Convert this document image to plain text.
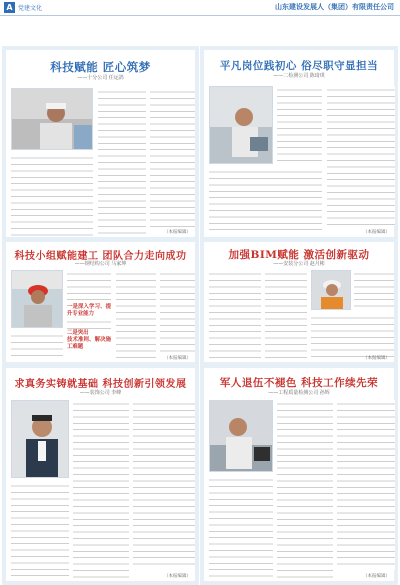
A 党建文化	山东建设发展人（集团）有限责任公司
科技赋能 匠心筑梦
——十分公司 任运鸽
（本报编辑）
平凡岗位践初心 俗尽职守显担当
——二检测公司 陈琦琪
（本报编辑）
科技小组赋能建工 团队合力走向成功
——钢结构公司 马家坤
一是深入学习、提升专业能力
二是突出
技术准则、解决施工难题
（本报编辑）
加强BIM赋能 激活创新驱动
——安装分公司 赵月彬
（本报编辑）
求真务实铸就基础 科技创新引领发展
——装饰公司 李峰
（本报编辑）
军人退伍不褪色 科技工作续先荣
——工程质量检测公司 孙辉
（本报编辑）
